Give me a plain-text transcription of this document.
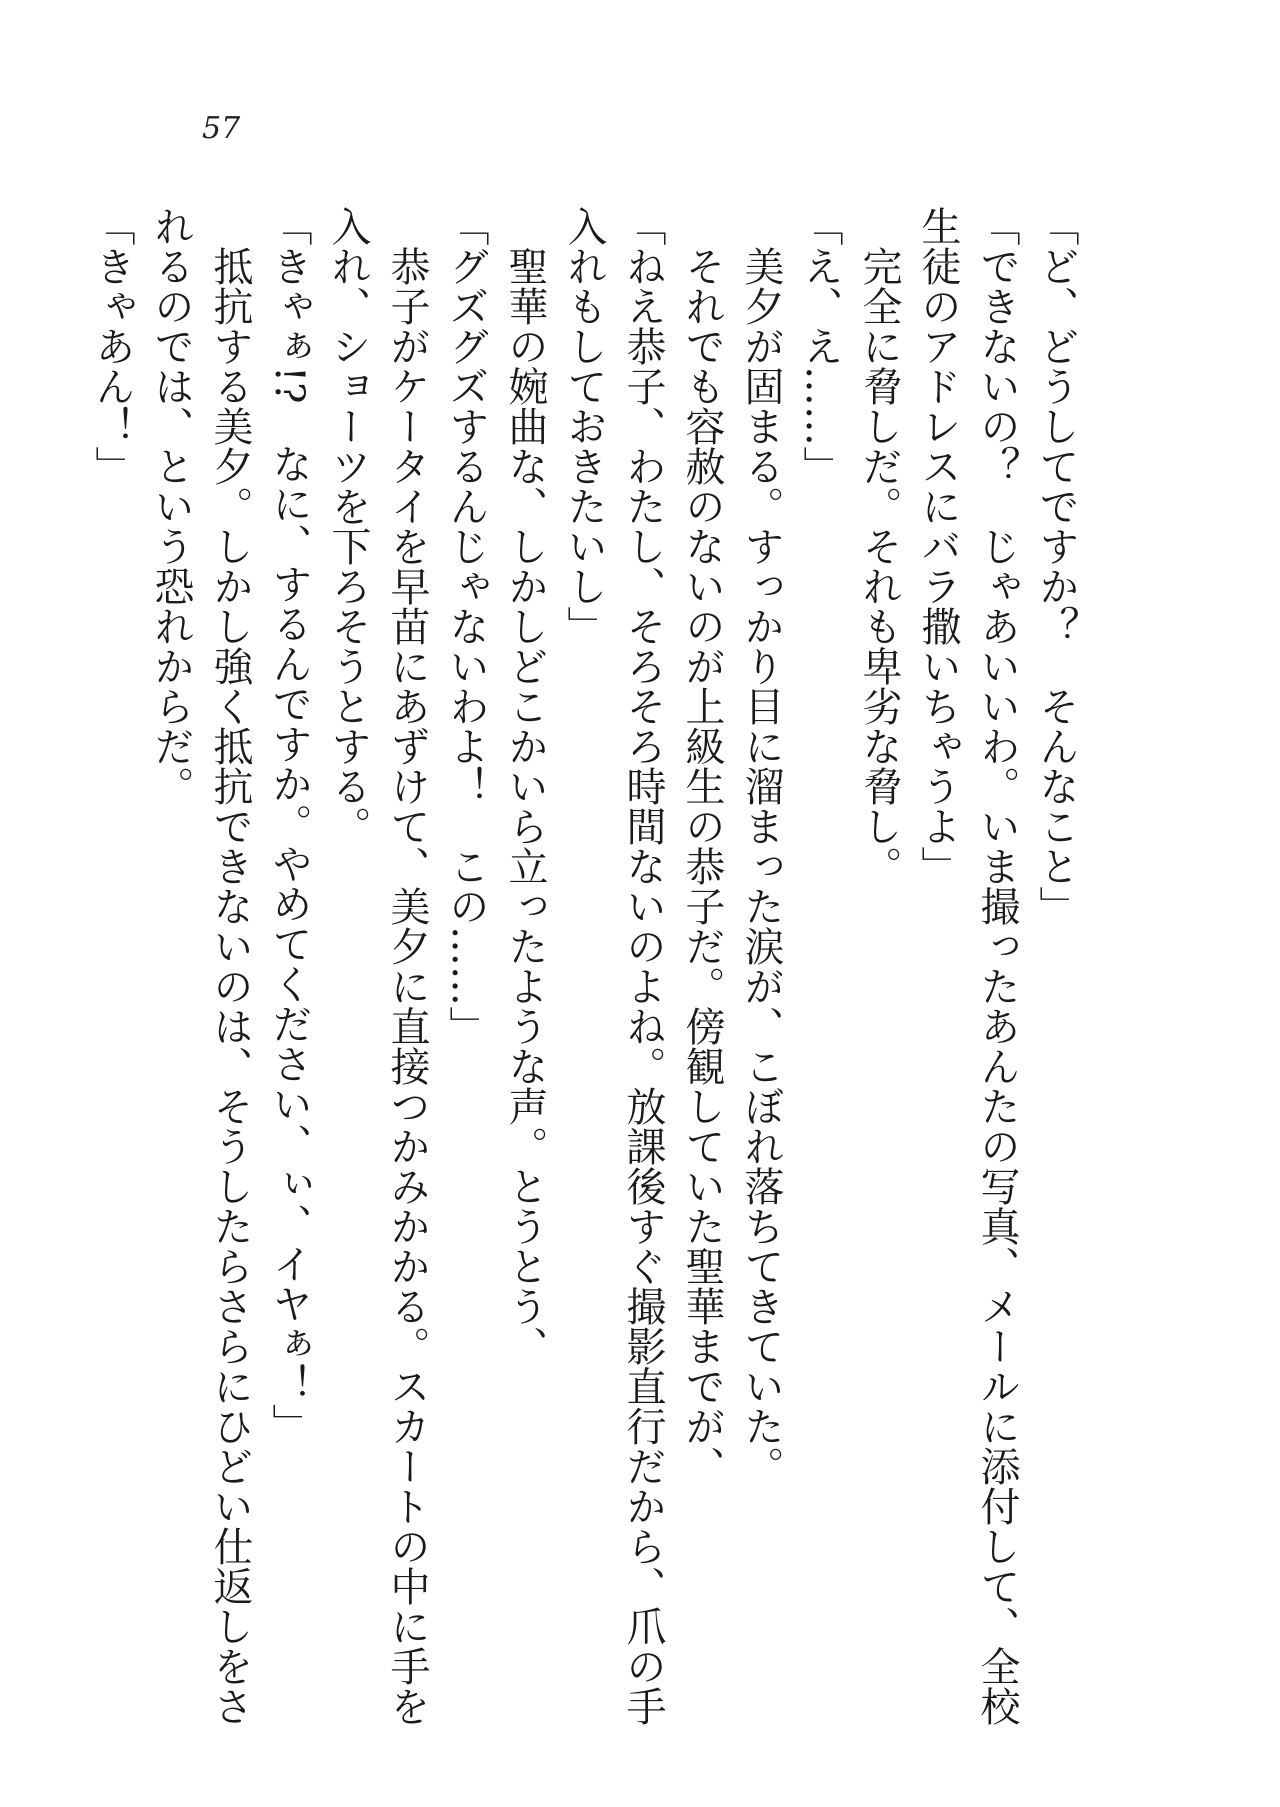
57
「ど、どうしてですか？　そんなこと」
「できないの？　じゃあいいわ。いま撮ったあんたの写真、メールに添付して、全校
生徒のアドレスにバラ撒いちゃうよ」
　完全に脅しだ。それも卑劣な脅し。
「え、え……」
　美夕が固まる。すっかり目に溜まった涙が、こぼれ落ちてきていた。
　それでも容赦のないのが上級生の恭子だ。傍観していた聖華までが、
「ねえ恭子、わたし、そろそろ時間ないのよね。放課後すぐ撮影直行だから、爪の手
入れもしておきたいし」
　聖華の婉曲な、しかしどこかいら立ったような声。とうとう、
「グズグズするんじゃないわよ！　この……」
　恭子がケータイを早苗にあずけて、美夕に直接つかみかかる。スカートの中に手を
入れ、ショーツを下ろそうとする。
「きゃぁ!?　なに、するんですか。やめてください、ぃ、イヤぁ！」
　抵抗する美夕。しかし強く抵抗できないのは、そうしたらさらにひどい仕返しをさ
れるのでは、という恐れからだ。
「きゃあん！」
